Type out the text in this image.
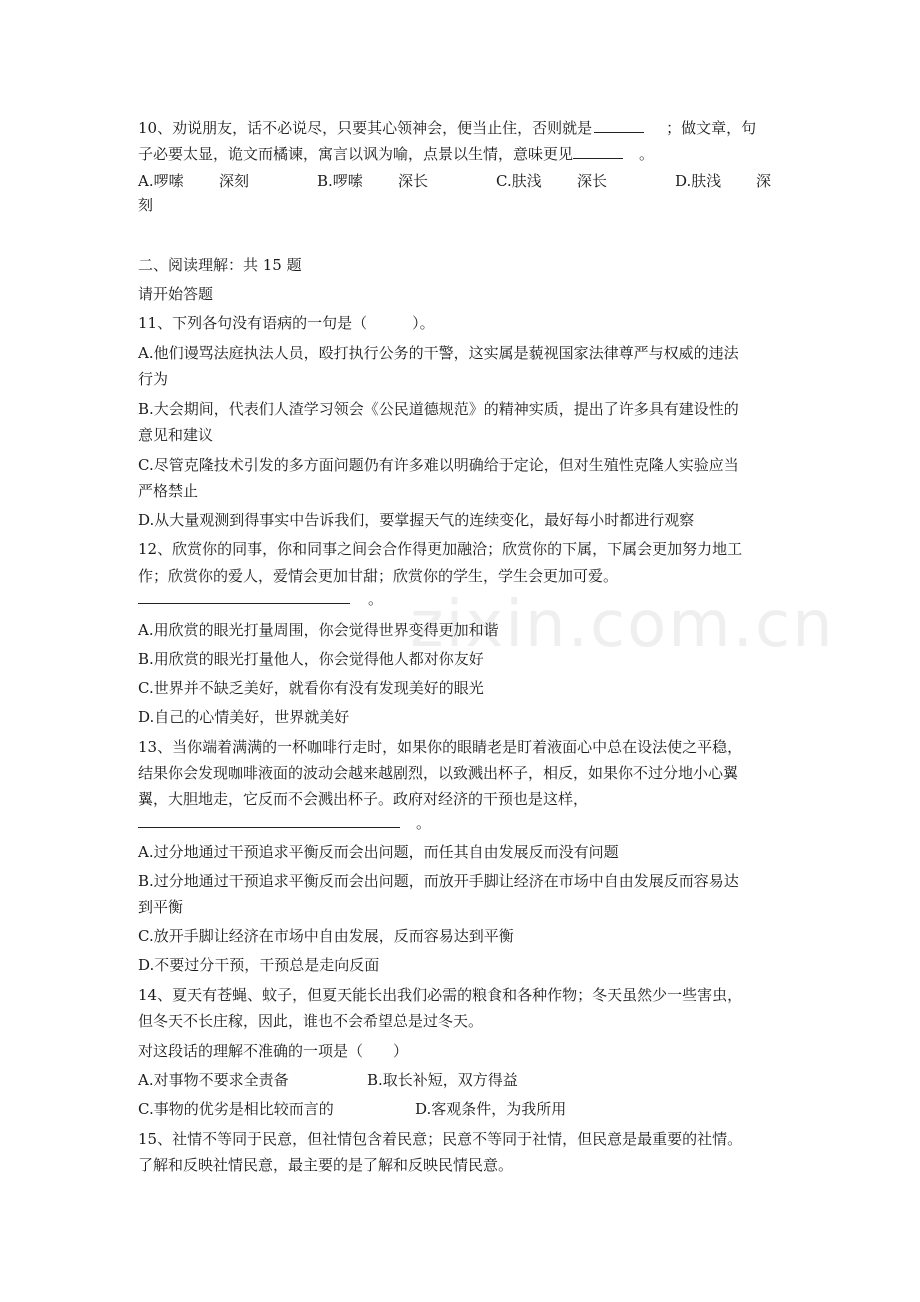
zixin.com.cn
10、劝说朋友，话不必说尽，只要其心领神会，便当止住，否则就是	；做文章，句
子必要太显，诡文而橘谏，寓言以讽为喻，点景以生情，意味更见	。
A.啰嗦 深刻	B.啰嗦 深长	C.肤浅 深长	D.肤浅 深
刻
二、阅读理解：共 15 题
请开始答题
11、下列各句没有语病的一句是（　　　）。
A.他们谩骂法庭执法人员，殴打执行公务的干警，这实属是藐视国家法律尊严与权威的违法
行为
B.大会期间，代表们人渣学习领会《公民道德规范》的精神实质，提出了许多具有建设性的
意见和建议
C.尽管克隆技术引发的多方面问题仍有许多难以明确给于定论，但对生殖性克隆人实验应当
严格禁止
D.从大量观测到得事实中告诉我们，要掌握天气的连续变化，最好每小时都进行观察
12、欣赏你的同事，你和同事之间会合作得更加融洽；欣赏你的下属，下属会更加努力地工
作；欣赏你的爱人，爱情会更加甘甜；欣赏你的学生，学生会更加可爱。
。
A.用欣赏的眼光打量周围，你会觉得世界变得更加和谐
B.用欣赏的眼光打量他人，你会觉得他人都对你友好
C.世界并不缺乏美好，就看你有没有发现美好的眼光
D.自己的心情美好，世界就美好
13、当你端着满满的一杯咖啡行走时，如果你的眼睛老是盯着液面心中总在设法使之平稳，
结果你会发现咖啡液面的波动会越来越剧烈，以致溅出杯子，相反，如果你不过分地小心翼
翼，大胆地走，它反而不会溅出杯子。政府对经济的干预也是这样，
。
A.过分地通过干预追求平衡反而会出问题，而任其自由发展反而没有问题
B.过分地通过干预追求平衡反而会出问题，而放开手脚让经济在市场中自由发展反而容易达
到平衡
C.放开手脚让经济在市场中自由发展，反而容易达到平衡
D.不要过分干预，干预总是走向反面
14、夏天有苍蝇、蚊子，但夏天能长出我们必需的粮食和各种作物；冬天虽然少一些害虫，
但冬天不长庄稼，因此，谁也不会希望总是过冬天。
对这段话的理解不准确的一项是（　　）
A.对事物不要求全责备	B.取长补短，双方得益
C.事物的优劣是相比较而言的	D.客观条件，为我所用
15、社情不等同于民意，但社情包含着民意；民意不等同于社情，但民意是最重要的社情。
了解和反映社情民意，最主要的是了解和反映民情民意。
